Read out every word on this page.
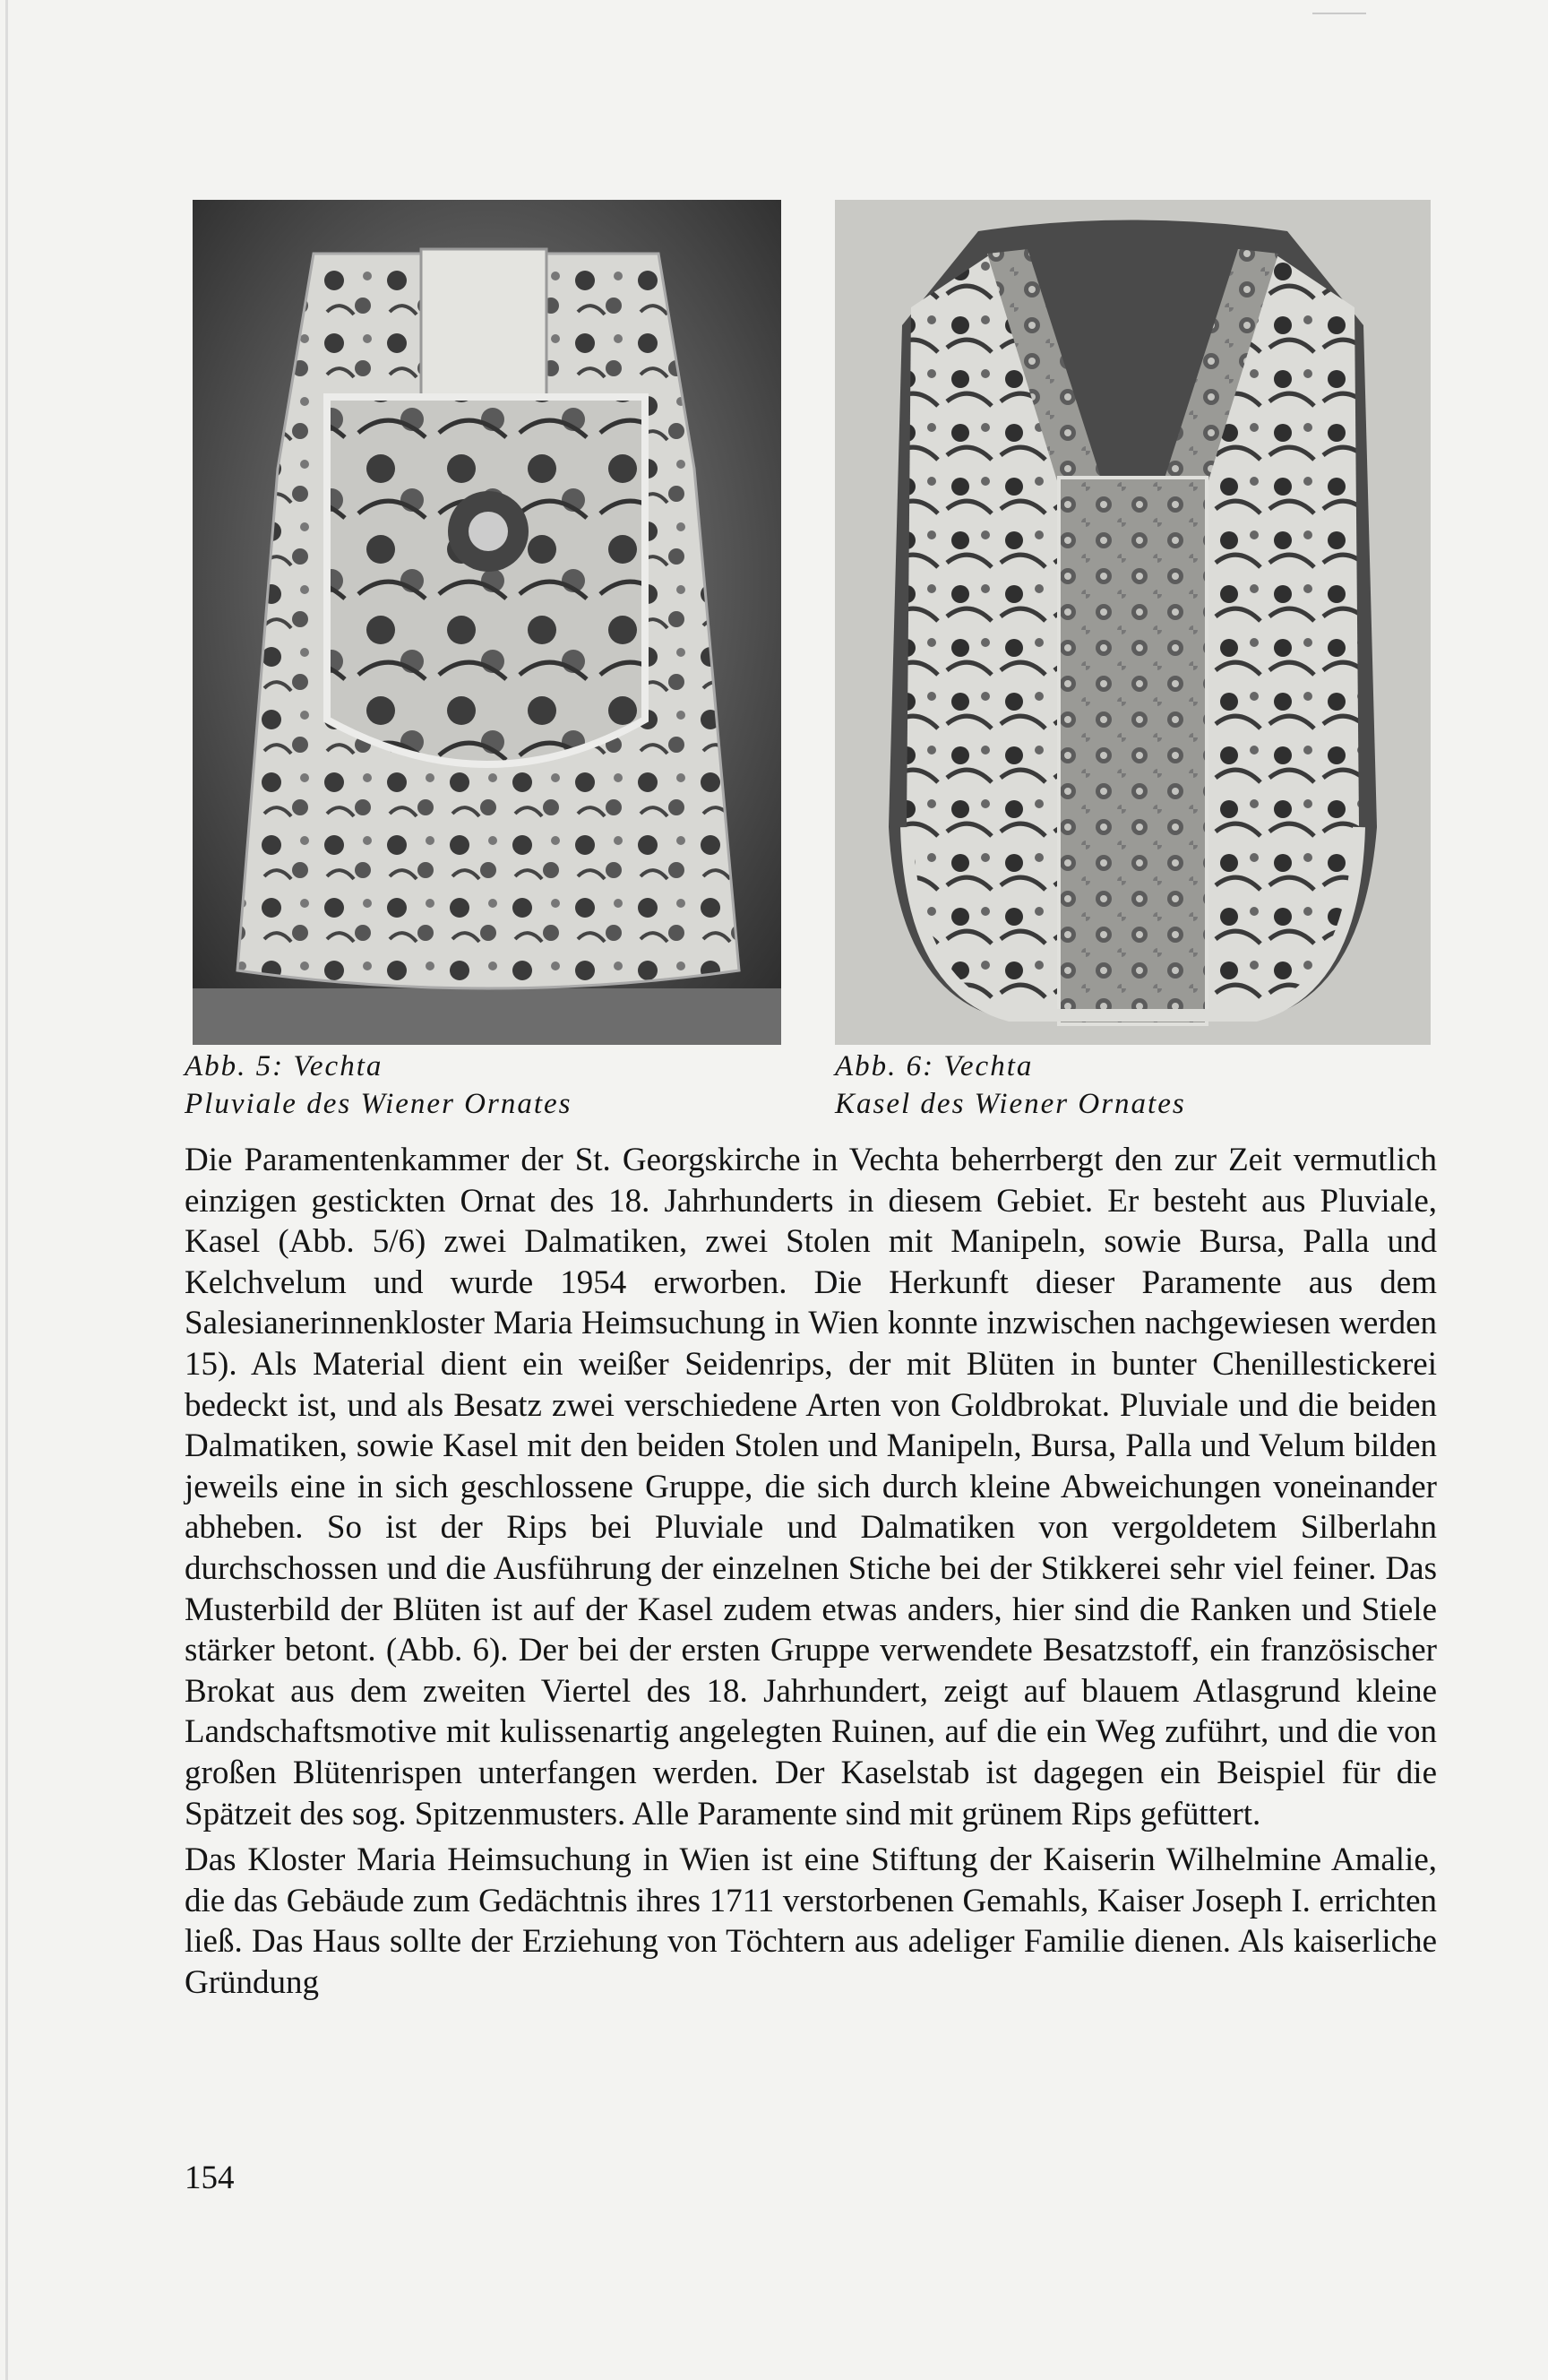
Abb. 5: Vechta
Pluviale des Wiener Ornates
Abb. 6: Vechta
Kasel des Wiener Ornates

Die Paramentenkammer der St. Georgskirche in Vechta beherrbergt den zur Zeit vermutlich einzigen gestickten Ornat des 18. Jahrhunderts in diesem Gebiet. Er besteht aus Pluviale, Kasel (Abb. 5/6) zwei Dalmatiken, zwei Stolen mit Manipeln, sowie Bursa, Palla und Kelchvelum und wurde 1954 erworben. Die Herkunft dieser Paramente aus dem Salesianerinnenkloster Maria Heimsuchung in Wien konnte inzwischen nachgewiesen werden 15). Als Material dient ein weißer Seidenrips, der mit Blüten in bunter Chenillestickerei bedeckt ist, und als Besatz zwei verschiedene Arten von Goldbrokat. Pluviale und die beiden Dalmatiken, sowie Kasel mit den beiden Stolen und Manipeln, Bursa, Palla und Velum bilden jeweils eine in sich geschlossene Gruppe, die sich durch kleine Abweichungen voneinander abheben. So ist der Rips bei Pluviale und Dalmatiken von vergoldetem Silberlahn durchschossen und die Ausführung der einzelnen Stiche bei der Stikkerei sehr viel feiner. Das Musterbild der Blüten ist auf der Kasel zudem etwas anders, hier sind die Ranken und Stiele stärker betont. (Abb. 6). Der bei der ersten Gruppe verwendete Besatzstoff, ein französischer Brokat aus dem zweiten Viertel des 18. Jahrhundert, zeigt auf blauem Atlasgrund kleine Landschaftsmotive mit kulissenartig angelegten Ruinen, auf die ein Weg zuführt, und die von großen Blütenrispen unterfangen werden. Der Kaselstab ist dagegen ein Beispiel für die Spätzeit des sog. Spitzenmusters. Alle Paramente sind mit grünem Rips gefüttert.

Das Kloster Maria Heimsuchung in Wien ist eine Stiftung der Kaiserin Wilhelmine Amalie, die das Gebäude zum Gedächtnis ihres 1711 verstorbenen Gemahls, Kaiser Joseph I. errichten ließ. Das Haus sollte der Erziehung von Töchtern aus adeliger Familie dienen. Als kaiserliche Gründung

154
